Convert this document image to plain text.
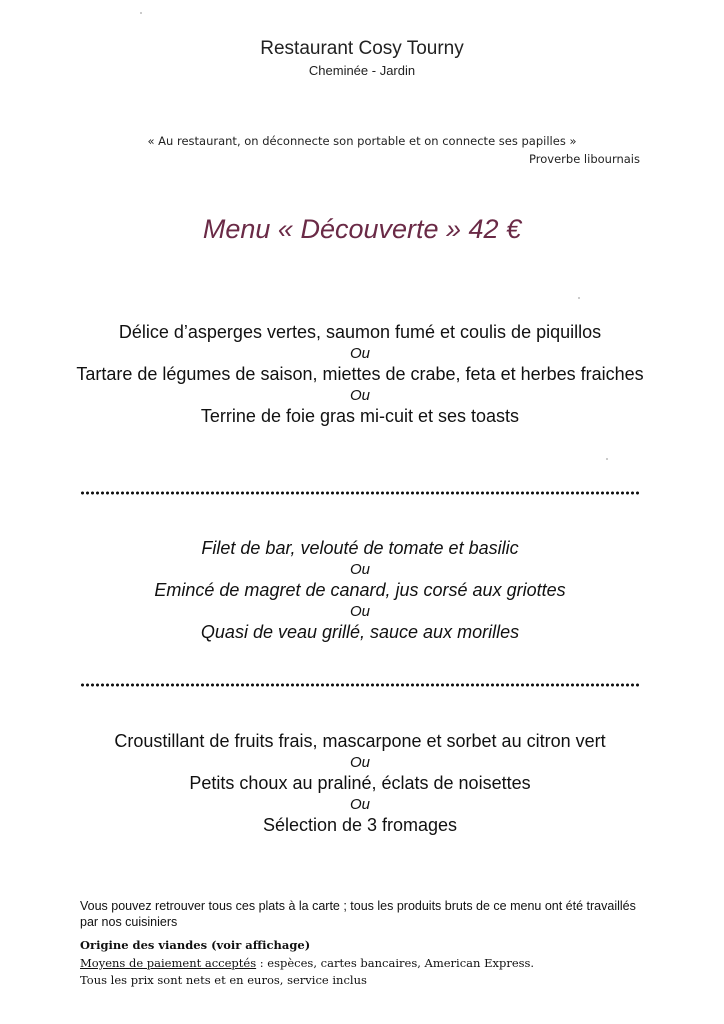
Restaurant Cosy Tourny
Cheminée - Jardin
« Au restaurant, on déconnecte son portable et on connecte ses papilles »
Proverbe libournais
Menu « Découverte » 42 €
Délice d’asperges vertes, saumon fumé et coulis de piquillos
Ou
Tartare de légumes de saison, miettes de crabe, feta et herbes fraiches
Ou
Terrine de foie gras mi-cuit et ses toasts
Filet de bar, velouté de tomate et basilic
Ou
Emincé de magret de canard, jus corsé aux griottes
Ou
Quasi de veau grillé, sauce aux morilles
Croustillant de fruits frais, mascarpone et sorbet au citron vert
Ou
Petits choux au praliné, éclats de noisettes
Ou
Sélection de 3 fromages
Vous pouvez retrouver tous ces plats à la carte ; tous les produits bruts de ce menu ont été travaillés par nos cuisiniers
Origine des viandes (voir affichage)
Moyens de paiement acceptés : espèces, cartes bancaires, American Express.
Tous les prix sont nets et en euros, service inclus
